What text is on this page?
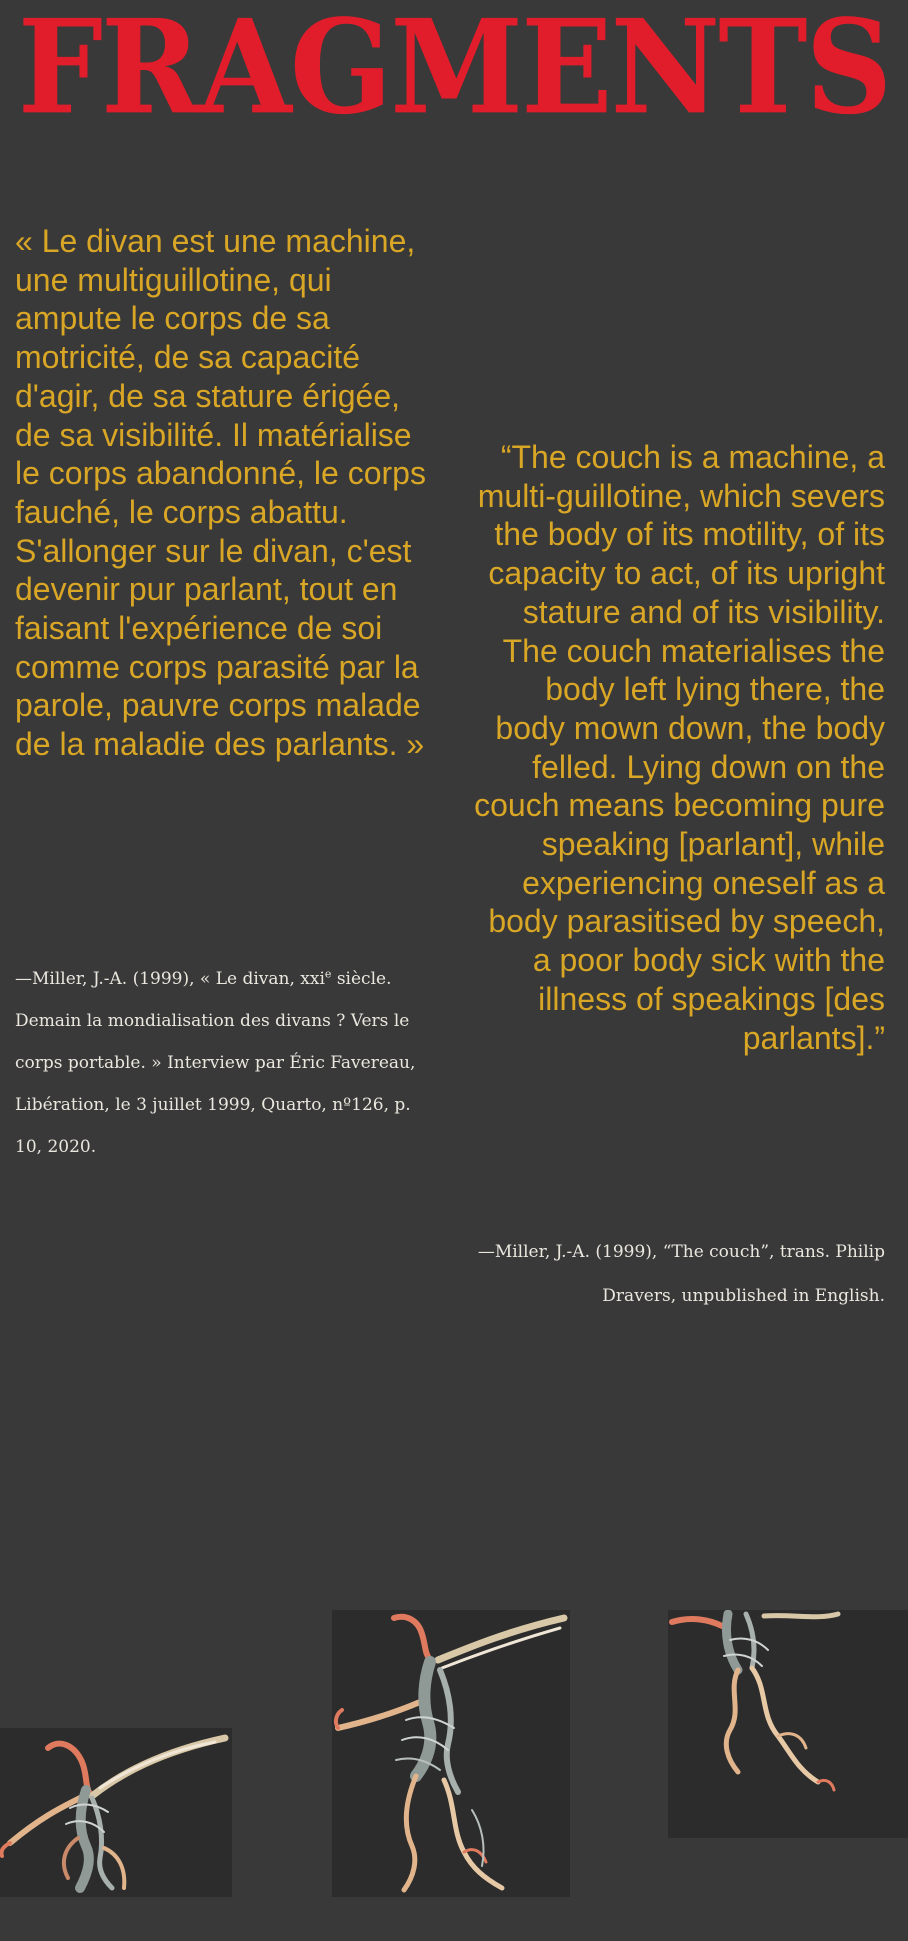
FRAGMENTS

« Le divan est une machine, une multiguillotine, qui ampute le corps de sa motricité, de sa capacité d'agir, de sa stature érigée, de sa visibilité. Il matérialise le corps abandonné, le corps fauché, le corps abattu. S'allonger sur le divan, c'est devenir pur parlant, tout en faisant l'expérience de soi comme corps parasité par la parole, pauvre corps malade de la maladie des parlants. »

—Miller, J.-A. (1999), « Le divan, xxi$^e$ siècle. Demain la mondialisation des divans ? Vers le corps portable. » Interview par Éric Favereau, Libération, le 3 juillet 1999, Quarto, nº126, p. 10, 2020.

“The couch is a machine, a multi-guillotine, which severs the body of its motility, of its capacity to act, of its upright stature and of its visibility. The couch materialises the body left lying there, the body mown down, the body felled. Lying down on the couch means becoming pure speaking [parlant], while experiencing oneself as a body parasitised by speech, a poor body sick with the illness of speakings [des parlants].”

—Miller, J.-A. (1999), “The couch”, trans. Philip Dravers, unpublished in English.
